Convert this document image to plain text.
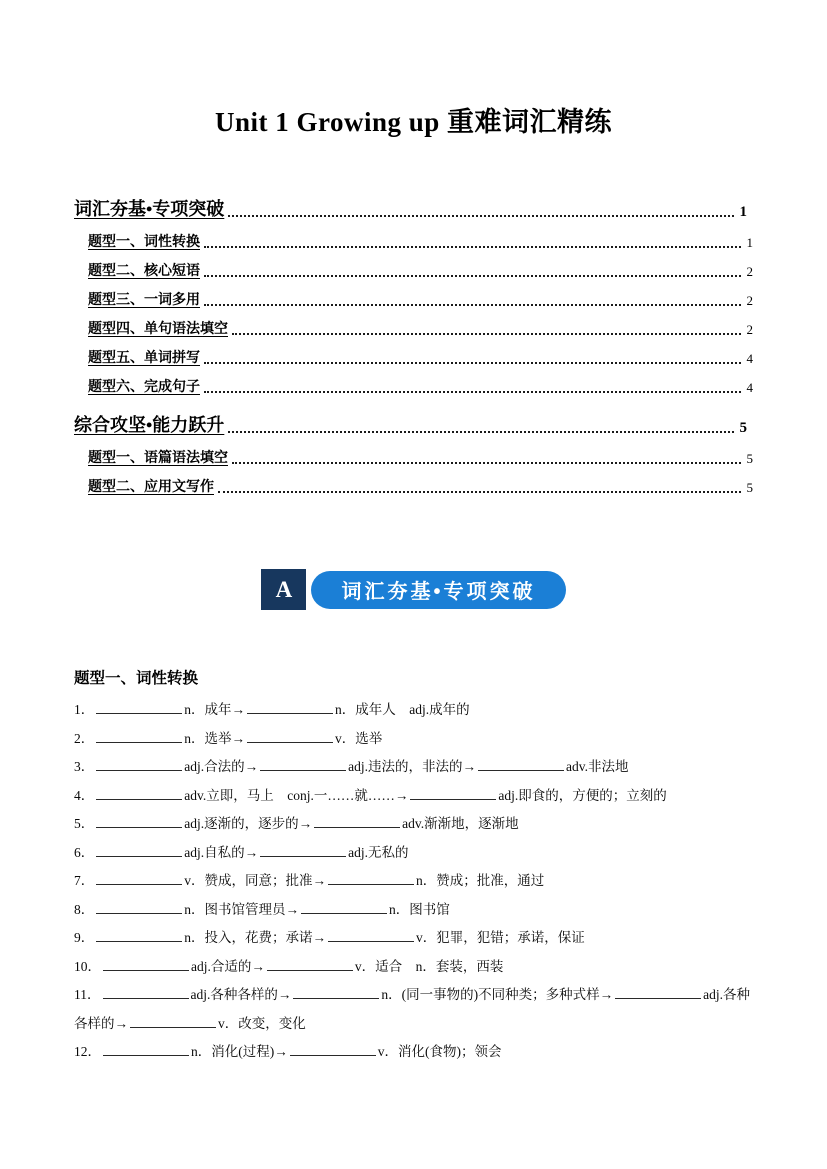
Unit 1 Growing up 重难词汇精练
词汇夯基•专项突破	1
题型一、词性转换	1
题型二、核心短语	2
题型三、一词多用	2
题型四、单句语法填空	2
题型五、单词拼写	4
题型六、完成句子	4
综合攻坚•能力跃升	5
题型一、语篇语法填空	5
题型二、应用文写作	5
A	词汇夯基•专项突破
题型一、词性转换

1．	n．成年→	n．成年人　adj.成年的

2．	n．选举→	v．选举

3．	adj.合法的→	adj.违法的，非法的→	adv.非法地

4．	adv.立即，马上　conj.一……就……→	adj.即食的，方便的；立刻的

5．	adj.逐渐的，逐步的→	adv.渐渐地，逐渐地

6．	adj.自私的→	adj.无私的

7．	v．赞成，同意；批准→	n．赞成；批准，通过

8．	n．图书馆管理员→	n．图书馆

9．	n．投入，花费；承诺→	v．犯罪，犯错；承诺，保证

10．	adj.合适的→	v．适合　n．套装，西装

11．	adj.各种各样的→	n．(同一事物的)不同种类；多种式样→	adj.各种各样的→	v．改变，变化

12．	n．消化(过程)→	v．消化(食物)；领会
